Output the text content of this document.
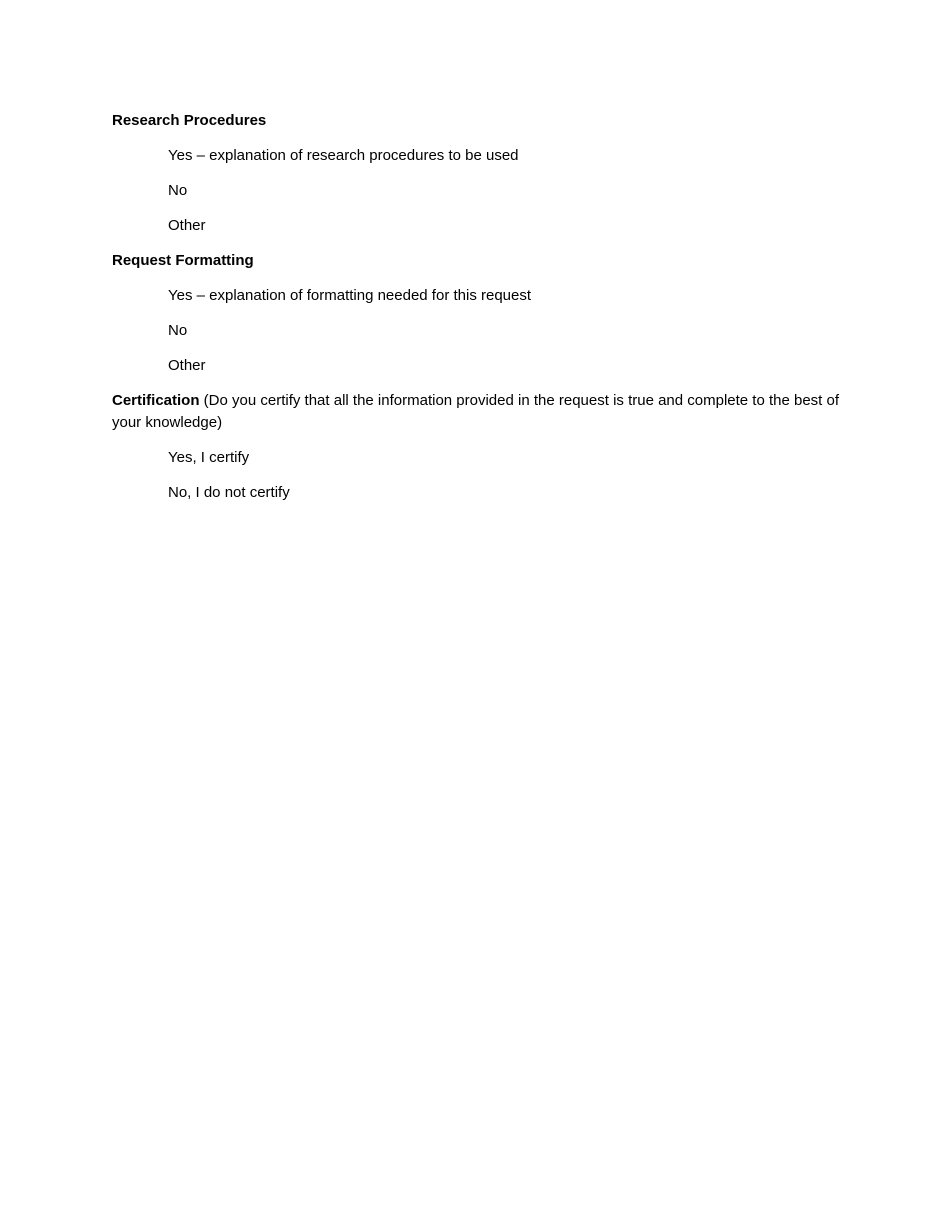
Research Procedures

Yes – explanation of research procedures to be used

No

Other

Request Formatting

Yes – explanation of formatting needed for this request

No

Other

Certification (Do you certify that all the information provided in the request is true and complete to the best of your knowledge)

Yes, I certify

No, I do not certify
